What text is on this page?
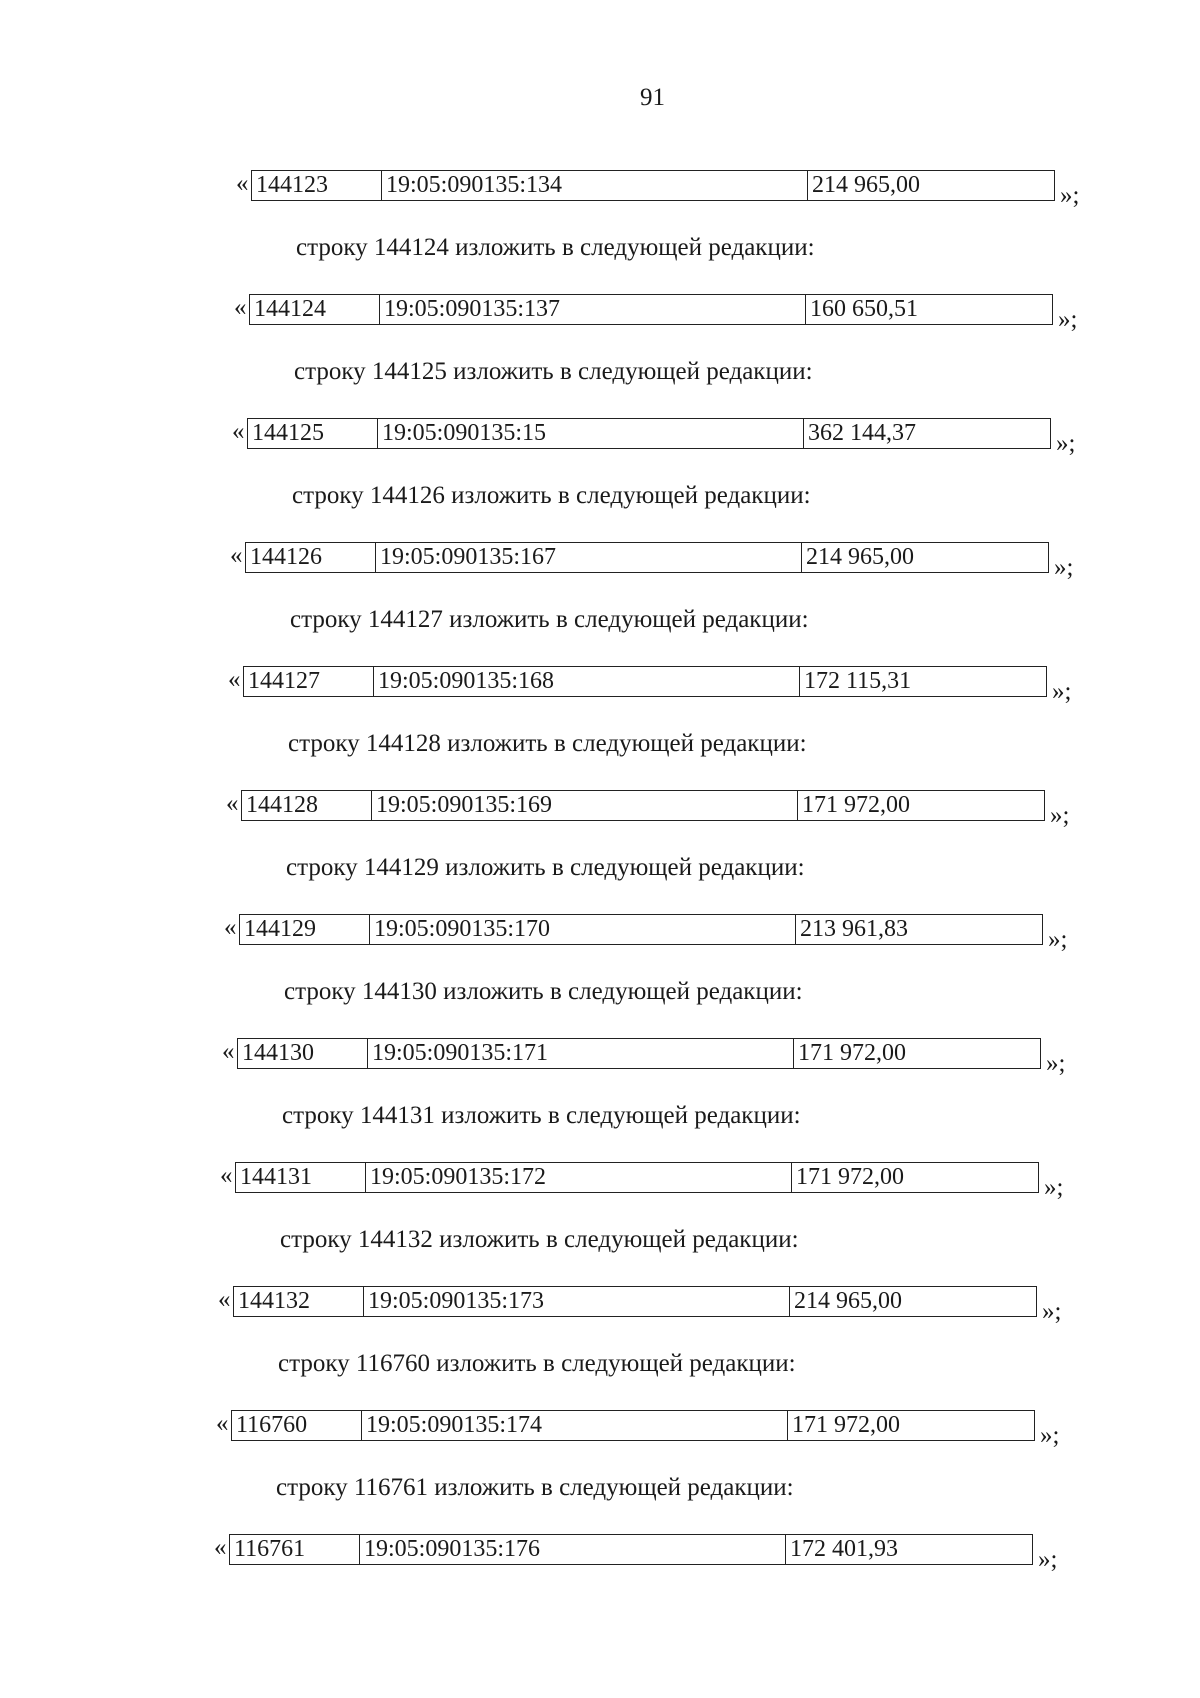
91
« 144123	19:05:090135:134	214 965,00	»;
строку 144124 изложить в следующей редакции:
« 144124	19:05:090135:137	160 650,51	»;
строку 144125 изложить в следующей редакции:
« 144125	19:05:090135:15	362 144,37	»;
строку 144126 изложить в следующей редакции:
« 144126	19:05:090135:167	214 965,00	»;
строку 144127 изложить в следующей редакции:
« 144127	19:05:090135:168	172 115,31	»;
строку 144128 изложить в следующей редакции:
« 144128	19:05:090135:169	171 972,00	»;
строку 144129 изложить в следующей редакции:
« 144129	19:05:090135:170	213 961,83	»;
строку 144130 изложить в следующей редакции:
« 144130	19:05:090135:171	171 972,00	»;
строку 144131 изложить в следующей редакции:
« 144131	19:05:090135:172	171 972,00	»;
строку 144132 изложить в следующей редакции:
« 144132	19:05:090135:173	214 965,00	»;
строку 116760 изложить в следующей редакции:
« 116760	19:05:090135:174	171 972,00	»;
строку 116761 изложить в следующей редакции:
« 116761	19:05:090135:176	172 401,93	»;
